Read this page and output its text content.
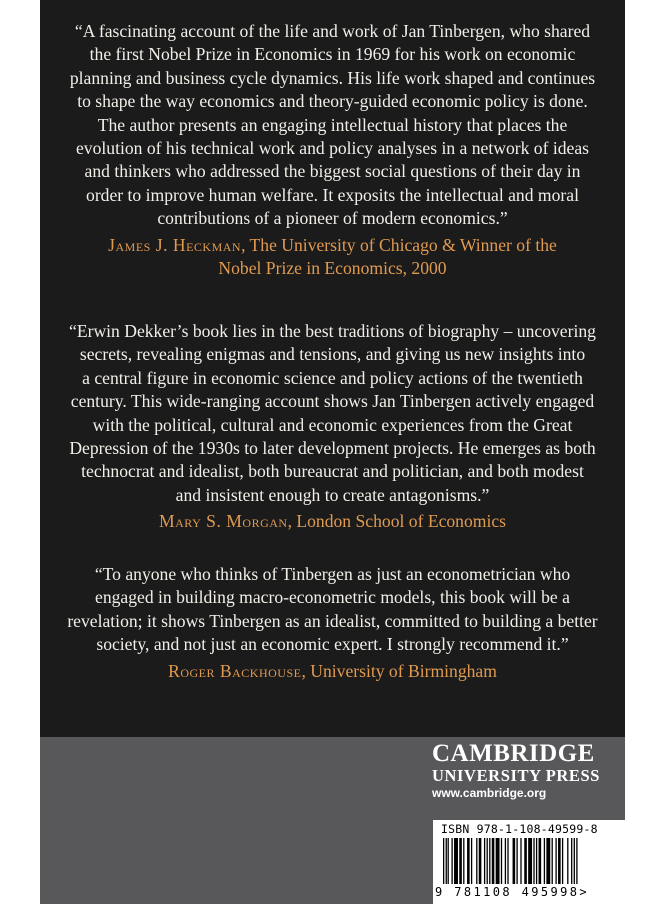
“A fascinating account of the life and work of Jan Tinbergen, who shared
the first Nobel Prize in Economics in 1969 for his work on economic
planning and business cycle dynamics. His life work shaped and continues
to shape the way economics and theory-guided economic policy is done.
The author presents an engaging intellectual history that places the
evolution of his technical work and policy analyses in a network of ideas
and thinkers who addressed the biggest social questions of their day in
order to improve human welfare. It exposits the intellectual and moral
contributions of a pioneer of modern economics.”

James J. Heckman, The University of Chicago & Winner of the
Nobel Prize in Economics, 2000

“Erwin Dekker’s book lies in the best traditions of biography – uncovering
secrets, revealing enigmas and tensions, and giving us new insights into
a central figure in economic science and policy actions of the twentieth
century. This wide-ranging account shows Jan Tinbergen actively engaged
with the political, cultural and economic experiences from the Great
Depression of the 1930s to later development projects. He emerges as both
technocrat and idealist, both bureaucrat and politician, and both modest
and insistent enough to create antagonisms.”

Mary S. Morgan, London School of Economics

“To anyone who thinks of Tinbergen as just an econometrician who
engaged in building macro-econometric models, this book will be a
revelation; it shows Tinbergen as an idealist, committed to building a better
society, and not just an economic expert. I strongly recommend it.”

Roger Backhouse, University of Birmingham

CAMBRIDGE
UNIVERSITY PRESS
www.cambridge.org
ISBN 978-1-108-49599-8
9 781108 495998>
